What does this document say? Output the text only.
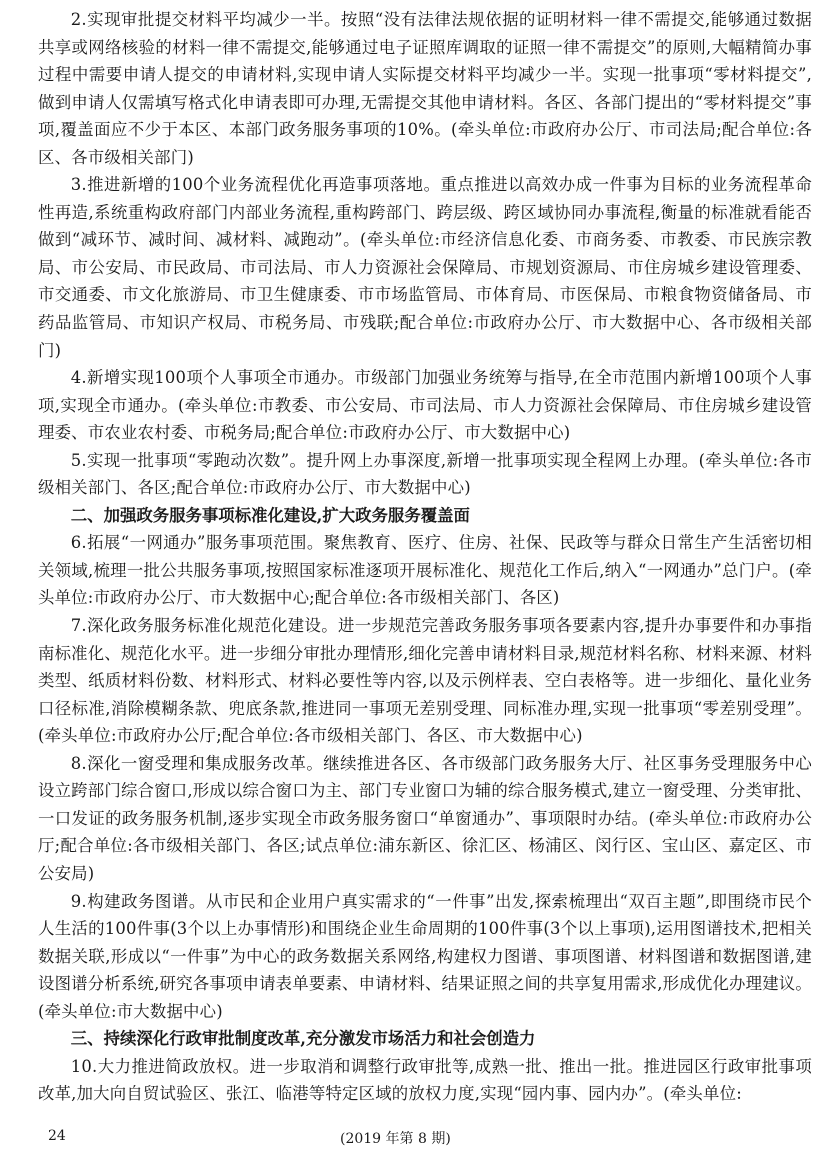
2.实现审批提交材料平均减少一半。按照“没有法律法规依据的证明材料一律不需提交,能够通过数据共享或网络核验的材料一律不需提交,能够通过电子证照库调取的证照一律不需提交”的原则,大幅精简办事过程中需要申请人提交的申请材料,实现申请人实际提交材料平均减少一半。实现一批事项“零材料提交”,做到申请人仅需填写格式化申请表即可办理,无需提交其他申请材料。各区、各部门提出的“零材料提交”事项,覆盖面应不少于本区、本部门政务服务事项的10%。(牵头单位:市政府办公厅、市司法局;配合单位:各区、各市级相关部门)

3.推进新增的100个业务流程优化再造事项落地。重点推进以高效办成一件事为目标的业务流程革命性再造,系统重构政府部门内部业务流程,重构跨部门、跨层级、跨区域协同办事流程,衡量的标准就看能否做到“减环节、减时间、减材料、减跑动”。(牵头单位:市经济信息化委、市商务委、市教委、市民族宗教局、市公安局、市民政局、市司法局、市人力资源社会保障局、市规划资源局、市住房城乡建设管理委、市交通委、市文化旅游局、市卫生健康委、市市场监管局、市体育局、市医保局、市粮食物资储备局、市药品监管局、市知识产权局、市税务局、市残联;配合单位:市政府办公厅、市大数据中心、各市级相关部门)

4.新增实现100项个人事项全市通办。市级部门加强业务统筹与指导,在全市范围内新增100项个人事项,实现全市通办。(牵头单位:市教委、市公安局、市司法局、市人力资源社会保障局、市住房城乡建设管理委、市农业农村委、市税务局;配合单位:市政府办公厅、市大数据中心)

5.实现一批事项“零跑动次数”。提升网上办事深度,新增一批事项实现全程网上办理。(牵头单位:各市级相关部门、各区;配合单位:市政府办公厅、市大数据中心)

二、加强政务服务事项标准化建设,扩大政务服务覆盖面

6.拓展“一网通办”服务事项范围。聚焦教育、医疗、住房、社保、民政等与群众日常生产生活密切相关领域,梳理一批公共服务事项,按照国家标准逐项开展标准化、规范化工作后,纳入“一网通办”总门户。(牵头单位:市政府办公厅、市大数据中心;配合单位:各市级相关部门、各区)

7.深化政务服务标准化规范化建设。进一步规范完善政务服务事项各要素内容,提升办事要件和办事指南标准化、规范化水平。进一步细分审批办理情形,细化完善申请材料目录,规范材料名称、材料来源、材料类型、纸质材料份数、材料形式、材料必要性等内容,以及示例样表、空白表格等。进一步细化、量化业务口径标准,消除模糊条款、兜底条款,推进同一事项无差别受理、同标准办理,实现一批事项“零差别受理”。(牵头单位:市政府办公厅;配合单位:各市级相关部门、各区、市大数据中心)

8.深化一窗受理和集成服务改革。继续推进各区、各市级部门政务服务大厅、社区事务受理服务中心设立跨部门综合窗口,形成以综合窗口为主、部门专业窗口为辅的综合服务模式,建立一窗受理、分类审批、一口发证的政务服务机制,逐步实现全市政务服务窗口“单窗通办”、事项限时办结。(牵头单位:市政府办公厅;配合单位:各市级相关部门、各区;试点单位:浦东新区、徐汇区、杨浦区、闵行区、宝山区、嘉定区、市公安局)

9.构建政务图谱。从市民和企业用户真实需求的“一件事”出发,探索梳理出“双百主题”,即围绕市民个人生活的100件事(3个以上办事情形)和围绕企业生命周期的100件事(3个以上事项),运用图谱技术,把相关数据关联,形成以“一件事”为中心的政务数据关系网络,构建权力图谱、事项图谱、材料图谱和数据图谱,建设图谱分析系统,研究各事项申请表单要素、申请材料、结果证照之间的共享复用需求,形成优化办理建议。(牵头单位:市大数据中心)

三、持续深化行政审批制度改革,充分激发市场活力和社会创造力

10.大力推进简政放权。进一步取消和调整行政审批等,成熟一批、推出一批。推进园区行政审批事项改革,加大向自贸试验区、张江、临港等特定区域的放权力度,实现“园内事、园内办”。(牵头单位:

24	(2019 年第 8 期)
